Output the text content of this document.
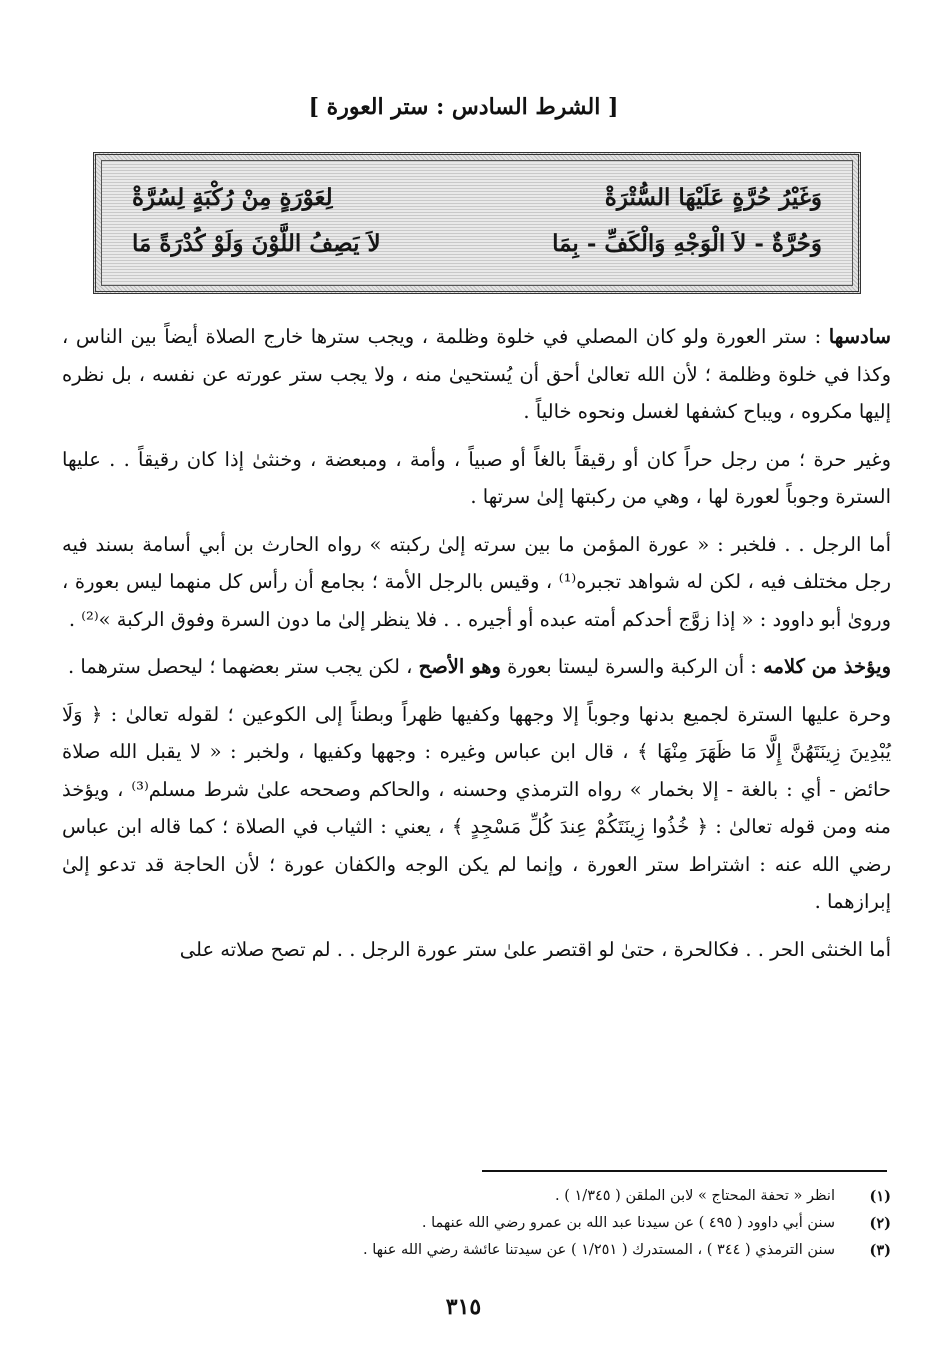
[ الشرط السادس : ستر العورة ]
وَغَيْرُ حُرَّةٍ عَلَيْهَا السُّتْرَةْ
لِعَوْرَةٍ مِنْ رُكْبَةٍ لِسُرَّةْ
وَحُرَّةٌ - لاَ الْوَجْهِ وَالْكَفِّ - بِمَا
لاَ يَصِفُ اللَّوْنَ وَلَوْ كُدْرَةً مَا

سادسها : ستر العورة ولو كان المصلي في خلوة وظلمة ، ويجب سترها خارج الصلاة أيضاً بين الناس ، وكذا في خلوة وظلمة ؛ لأن الله تعالىٰ أحق أن يُستحيىٰ منه ، ولا يجب ستر عورته عن نفسه ، بل نظره إليها مكروه ، ويباح كشفها لغسل ونحوه خالياً .

وغير حرة ؛ من رجل حراً كان أو رقيقاً بالغاً أو صبياً ، وأمة ، ومبعضة ، وخنثىٰ إذا كان رقيقاً . . عليها السترة وجوباً لعورة لها ، وهي من ركبتها إلىٰ سرتها .

أما الرجل . . فلخبر : « عورة المؤمن ما بين سرته إلىٰ ركبته » رواه الحارث بن أبي أسامة بسند فيه رجل مختلف فيه ، لكن له شواهد تجبره⁽¹⁾ ، وقيس بالرجل الأمة ؛ بجامع أن رأس كل منهما ليس بعورة ، وروىٰ أبو داوود : « إذا زوَّج أحدكم أمته عبده أو أجيره . . فلا ينظر إلىٰ ما دون السرة وفوق الركبة »⁽²⁾ .

ويؤخذ من كلامه : أن الركبة والسرة ليستا بعورة وهو الأصح ، لكن يجب ستر بعضهما ؛ ليحصل سترهما .

وحرة عليها السترة لجميع بدنها وجوباً إلا وجهها وكفيها ظهراً وبطناً إلى الكوعين ؛ لقوله تعالىٰ : ﴿ وَلَا يُبْدِينَ زِينَتَهُنَّ إِلَّا مَا ظَهَرَ مِنْهَا ﴾ ، قال ابن عباس وغيره : وجهها وكفيها ، ولخبر : « لا يقبل الله صلاة حائض - أي : بالغة - إلا بخمار » رواه الترمذي وحسنه ، والحاكم وصححه علىٰ شرط مسلم⁽³⁾ ، ويؤخذ منه ومن قوله تعالىٰ : ﴿ خُذُوا زِينَتَكُمْ عِندَ كُلِّ مَسْجِدٍ ﴾ ، يعني : الثياب في الصلاة ؛ كما قاله ابن عباس رضي الله عنه : اشتراط ستر العورة ، وإنما لم يكن الوجه والكفان عورة ؛ لأن الحاجة قد تدعو إلىٰ إبرازهما .

أما الخنثى الحر . . فكالحرة ، حتىٰ لو اقتصر علىٰ ستر عورة الرجل . . لم تصح صلاته على

(١)
انظر « تحفة المحتاج » لابن الملقن ( ١/٣٤٥ ) .
(٢)
سنن أبي داوود ( ٤٩٥ ) عن سيدنا عبد الله بن عمرو رضي الله عنهما .
(٣)
سنن الترمذي ( ٣٤٤ ) ، المستدرك ( ١/٢٥١ ) عن سيدتنا عائشة رضي الله عنها .
٣١٥
